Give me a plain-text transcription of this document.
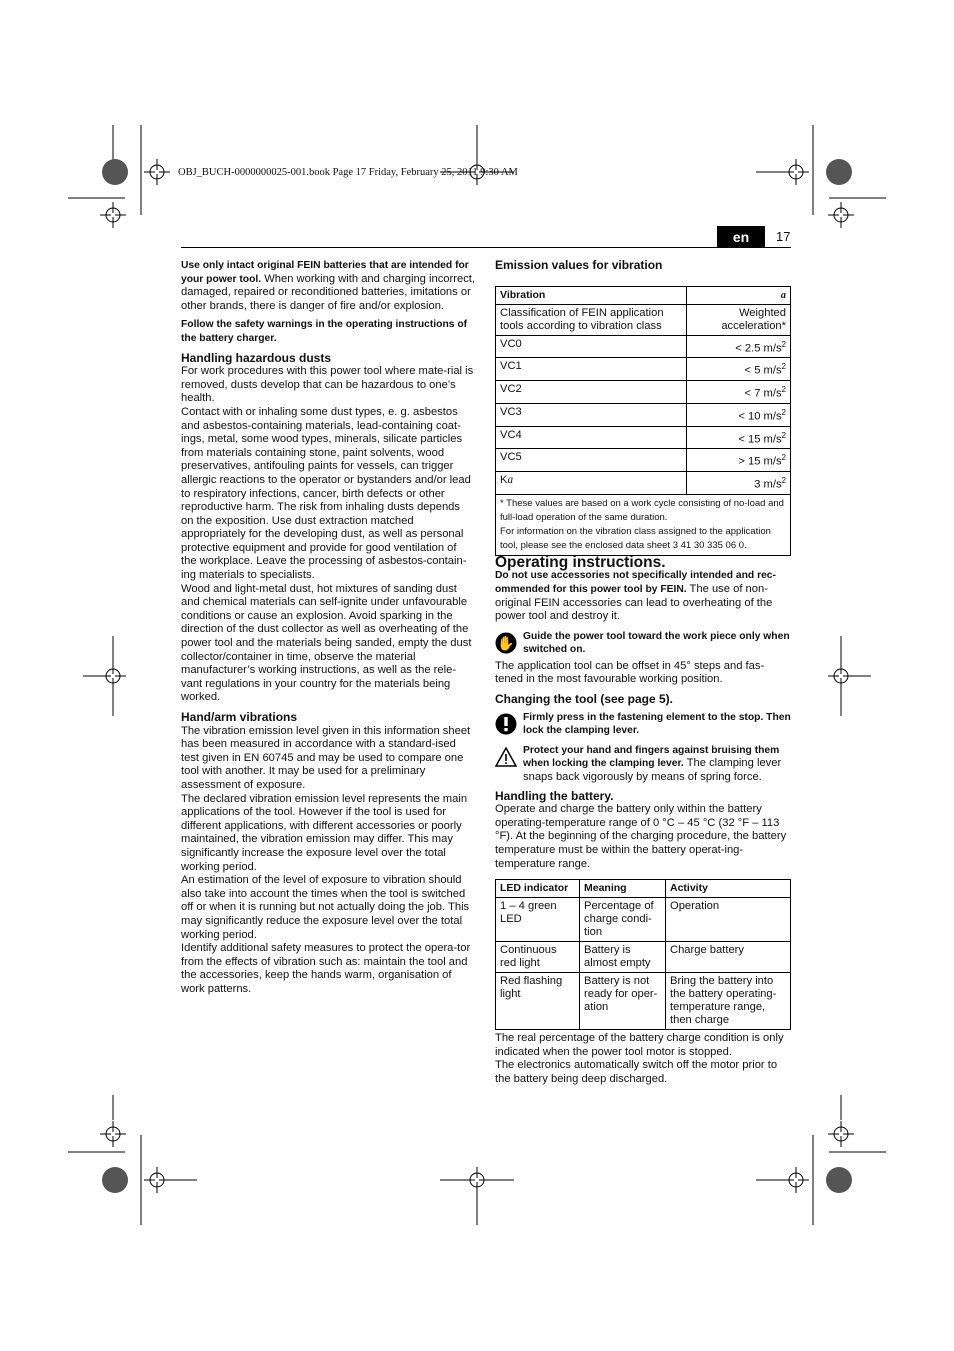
OBJ_BUCH-0000000025-001.book Page 17 Friday, February 25, 2011 9:30 AM
en	17

Use only intact original FEIN batteries that are intended for your power tool. When working with and charging incorrect, damaged, repaired or reconditioned batteries, imitations or other brands, there is danger of fire and/or explosion.

Follow the safety warnings in the operating instructions of the battery charger.

Handling hazardous dusts

For work procedures with this power tool where mate-rial is removed, dusts develop that can be hazardous to one’s health.

Contact with or inhaling some dust types, e. g. asbestos and asbestos-containing materials, lead-containing coat-ings, metal, some wood types, minerals, silicate particles from materials containing stone, paint solvents, wood preservatives, antifouling paints for vessels, can trigger allergic reactions to the operator or bystanders and/or lead to respiratory infections, cancer, birth defects or other reproductive harm. The risk from inhaling dusts depends on the exposition. Use dust extraction matched appropriately for the developing dust, as well as personal protective equipment and provide for good ventilation of the workplace. Leave the processing of asbestos-contain-ing materials to specialists.

Wood and light-metal dust, hot mixtures of sanding dust and chemical materials can self-ignite under unfavourable conditions or cause an explosion. Avoid sparking in the direction of the dust collector as well as overheating of the power tool and the materials being sanded, empty the dust collector/container in time, observe the material manufacturer’s working instructions, as well as the rele-vant regulations in your country for the materials being worked.

Hand/arm vibrations

The vibration emission level given in this information sheet has been measured in accordance with a standard-ised test given in EN 60745 and may be used to compare one tool with another. It may be used for a preliminary assessment of exposure.

The declared vibration emission level represents the main applications of the tool. However if the tool is used for different applications, with different accessories or poorly maintained, the vibration emission may differ. This may significantly increase the exposure level over the total working period.

An estimation of the level of exposure to vibration should also take into account the times when the tool is switched off or when it is running but not actually doing the job. This may significantly reduce the exposure level over the total working period.

Identify additional safety measures to protect the opera-tor from the effects of vibration such as: maintain the tool and the accessories, keep the hands warm, organisation of work patterns.

Emission values for vibration

Vibration	a
Classification of FEIN application tools according to vibration class	Weighted acceleration*
VC0	< 2.5 $m/s^2$
VC1	< 5 $m/s^2$
VC2	< 7 $m/s^2$
VC3	< 10 $m/s^2$
VC4	< 15 $m/s^2$
VC5	> 15 $m/s^2$
Ka	3 $m/s^2$

* These values are based on a work cycle consisting of no-load and full-load operation of the same duration.
For information on the vibration class assigned to the application tool, please see the enclosed data sheet 3 41 30 335 06 0.	

Operating instructions.

Do not use accessories not specifically intended and rec-ommended for this power tool by FEIN. The use of non-original FEIN accessories can lead to overheating of the power tool and destroy it.

✋ Guide the power tool toward the work piece only when switched on.

The application tool can be offset in 45° steps and fas-tened in the most favourable working position.

Changing the tool (see page 5).

Firmly press in the fastening element to the stop. Then lock the clamping lever.

Protect your hand and fingers against bruising them when locking the clamping lever. The clamping lever snaps back vigorously by means of spring force.

Handling the battery.

Operate and charge the battery only within the battery operating-temperature range of 0 °C – 45 °C (32 °F – 113 °F). At the beginning of the charging procedure, the battery temperature must be within the battery operat-ing-temperature range.

LED indicator	Meaning	Activity
1 – 4 green LED	Percentage of charge condi-tion	Operation
Continuous red light	Battery is almost empty	Charge battery
Red flashing light	Battery is not ready for oper-ation	Bring the battery into the battery operating-temperature range, then charge

The real percentage of the battery charge condition is only indicated when the power tool motor is stopped.

The electronics automatically switch off the motor prior to the battery being deep discharged.
